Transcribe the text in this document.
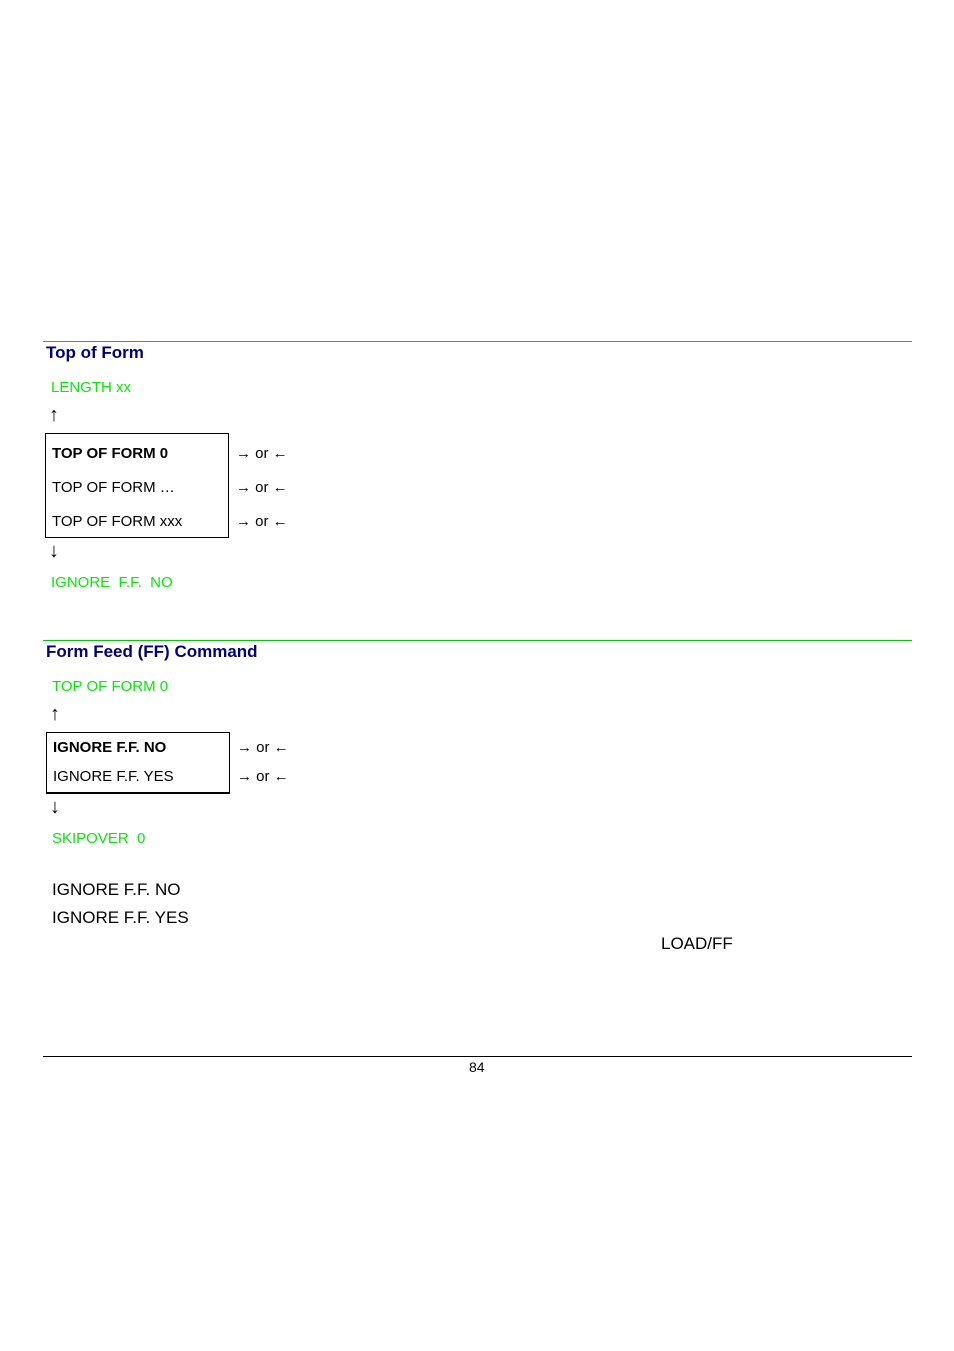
Top of Form
LENGTH xx
↑
TOP OF FORM 0
TOP OF FORM …
TOP OF FORM xxx
→ or ←
→ or ←
→ or ←
↓
IGNORE  F.F.  NO
Form Feed (FF) Command
TOP OF FORM 0
↑
IGNORE F.F. NO
IGNORE F.F. YES
→ or ←
→ or ←
↓
SKIPOVER  0
IGNORE F.F. NO
IGNORE F.F. YES
LOAD/FF
84
